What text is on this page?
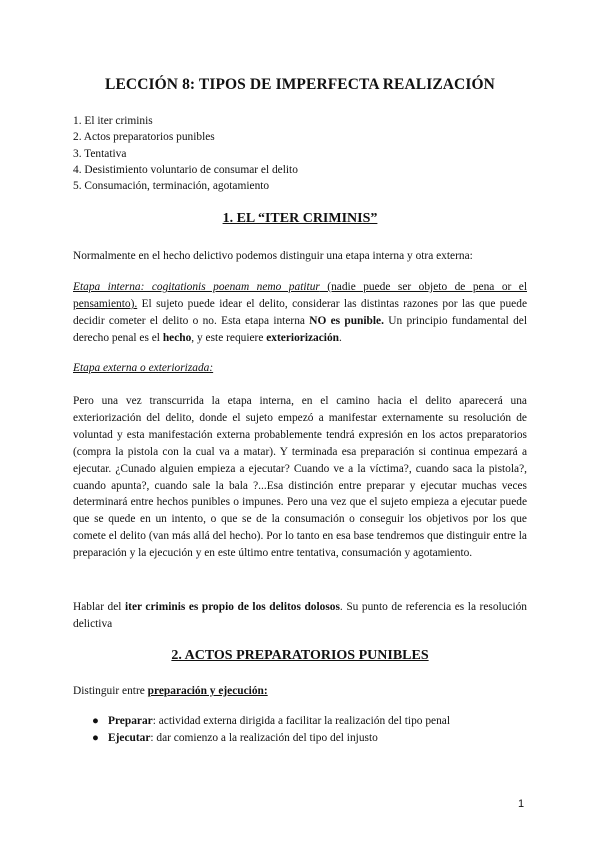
LECCIÓN 8: TIPOS DE IMPERFECTA REALIZACIÓN
1. El iter criminis
2. Actos preparatorios punibles
3. Tentativa
4. Desistimiento voluntario de consumar el delito
5. Consumación, terminación, agotamiento
1. EL “ITER CRIMINIS”
Normalmente en el hecho delictivo podemos distinguir una etapa interna y otra externa:
Etapa interna: cogitationis poenam nemo patitur (nadie puede ser objeto de pena or el pensamiento). El sujeto puede idear el delito, considerar las distintas razones por las que puede decidir cometer el delito o no. Esta etapa interna NO es punible. Un principio fundamental del derecho penal es el hecho, y este requiere exteriorización.
Etapa externa o exteriorizada:
Pero una vez transcurrida la etapa interna, en el camino hacia el delito aparecerá una exteriorización del delito, donde el sujeto empezó a manifestar externamente su resolución de voluntad y esta manifestación externa probablemente tendrá expresión en los actos preparatorios (compra la pistola con la cual va a matar). Y terminada esa preparación si continua empezará a ejecutar. ¿Cunado alguien empieza a ejecutar? Cuando ve a la víctima?, cuando saca la pistola?, cuando apunta?, cuando sale la bala ?...Esa distinción entre preparar y ejecutar muchas veces determinará entre hechos punibles o impunes. Pero una vez que el sujeto empieza a ejecutar puede que se quede en un intento, o que se de la consumación o conseguir los objetivos por los que comete el delito (van más allá del hecho). Por lo tanto en esa base tendremos que distinguir entre la preparación y la ejecución y en este último entre tentativa, consumación y agotamiento.
Hablar del iter criminis es propio de los delitos dolosos. Su punto de referencia es la resolución delictiva
2. ACTOS PREPARATORIOS PUNIBLES
Distinguir entre preparación y ejecución:
● Preparar: actividad externa dirigida a facilitar la realización del tipo penal
● Ejecutar: dar comienzo a la realización del tipo del injusto
1
